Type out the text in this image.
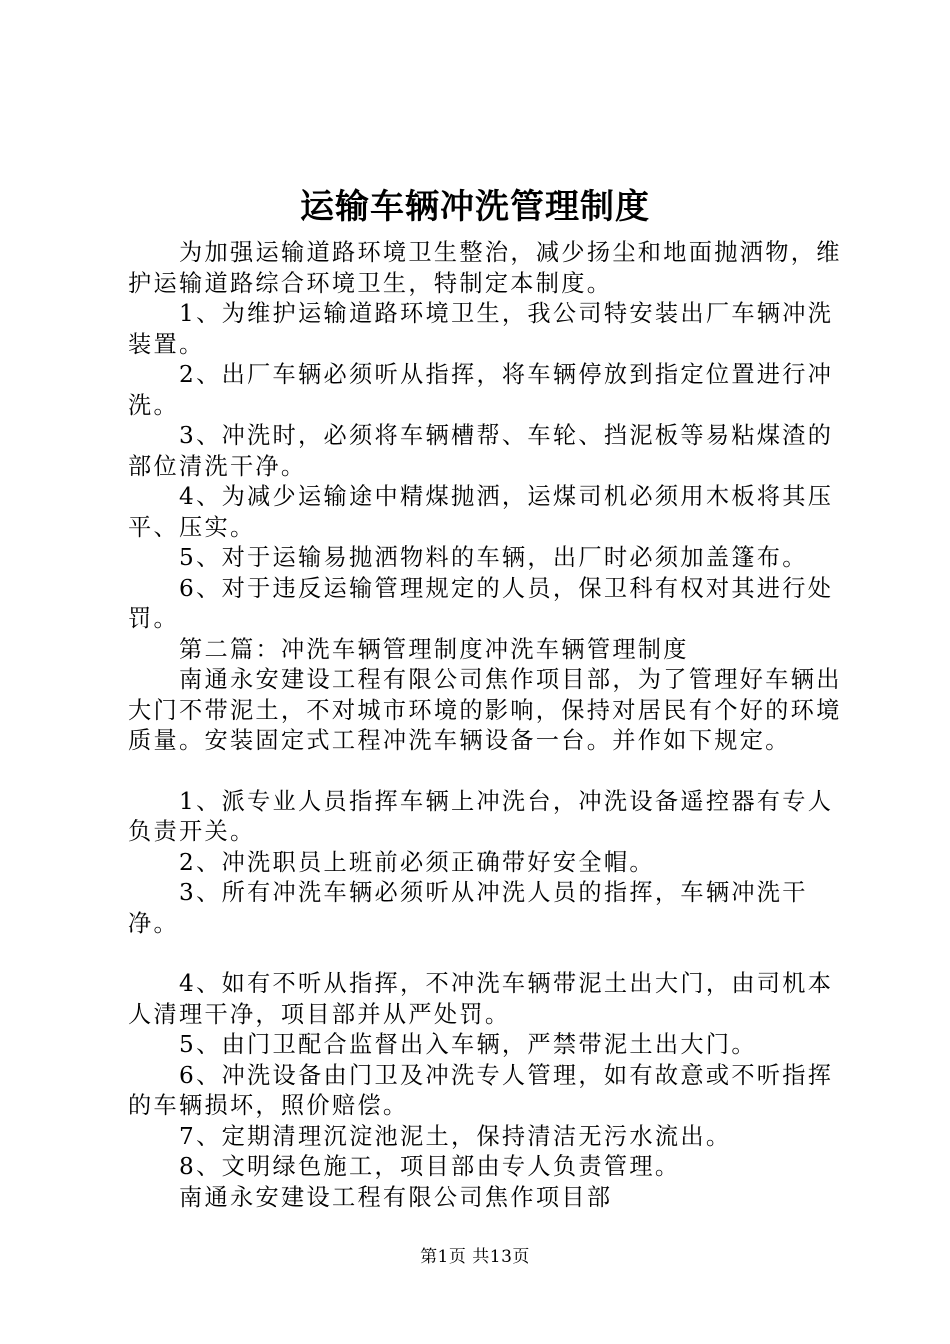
运输车辆冲洗管理制度

为加强运输道路环境卫生整治，减少扬尘和地面抛洒物，维护运输道路综合环境卫生，特制定本制度。

1、为维护运输道路环境卫生，我公司特安装出厂车辆冲洗装置。

2、出厂车辆必须听从指挥，将车辆停放到指定位置进行冲洗。

3、冲洗时，必须将车辆槽帮、车轮、挡泥板等易粘煤渣的部位清洗干净。

4、为减少运输途中精煤抛洒，运煤司机必须用木板将其压平、压实。

5、对于运输易抛洒物料的车辆，出厂时必须加盖篷布。

6、对于违反运输管理规定的人员，保卫科有权对其进行处罚。

第二篇：冲洗车辆管理制度冲洗车辆管理制度

南通永安建设工程有限公司焦作项目部，为了管理好车辆出大门不带泥土，不对城市环境的影响，保持对居民有个好的环境质量。安装固定式工程冲洗车辆设备一台。并作如下规定。

1、派专业人员指挥车辆上冲洗台，冲洗设备遥控器有专人负责开关。

2、冲洗职员上班前必须正确带好安全帽。

3、所有冲洗车辆必须听从冲洗人员的指挥，车辆冲洗干净。

4、如有不听从指挥，不冲洗车辆带泥土出大门，由司机本人清理干净，项目部并从严处罚。

5、由门卫配合监督出入车辆，严禁带泥土出大门。

6、冲洗设备由门卫及冲洗专人管理，如有故意或不听指挥的车辆损坏，照价赔偿。

7、定期清理沉淀池泥土，保持清洁无污水流出。

8、文明绿色施工，项目部由专人负责管理。

南通永安建设工程有限公司焦作项目部

第1页 共13页
